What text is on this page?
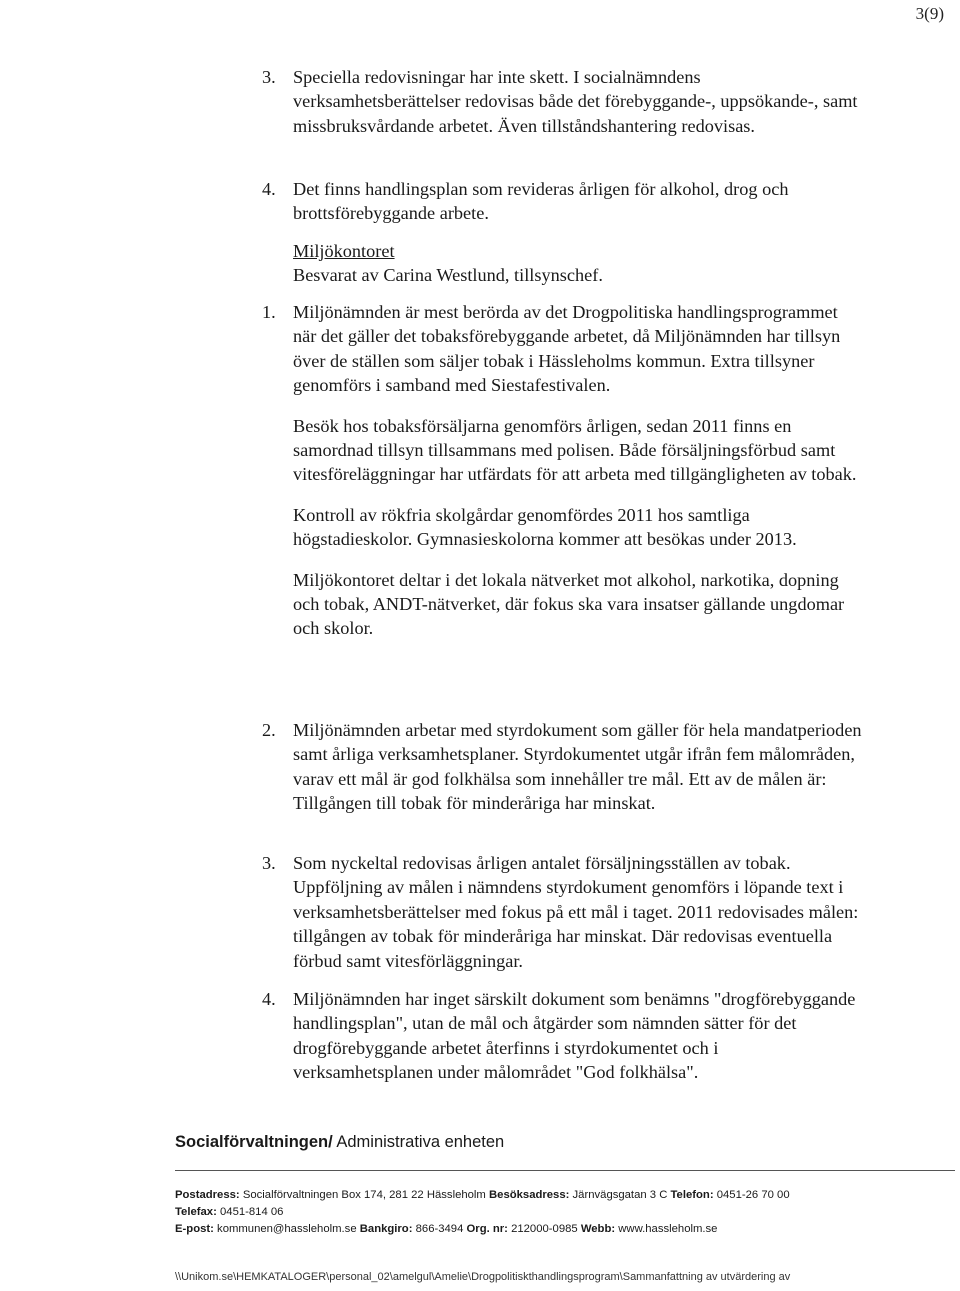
3(9)
3. Speciella redovisningar har inte skett. I socialnämndens verksamhetsberättelser redovisas både det förebyggande-, uppsökande-, samt missbruksvårdande arbetet. Även tillståndshantering redovisas.

4. Det finns handlingsplan som revideras årligen för alkohol, drog och brottsförebyggande arbete.

Miljökontoret
Besvarat av Carina Westlund, tillsynschef.
1. Miljönämnden är mest berörda av det Drogpolitiska handlingsprogrammet när det gäller det tobaksförebyggande arbetet, då Miljönämnden har tillsyn över de ställen som säljer tobak i Hässleholms kommun. Extra tillsyner genomförs i samband med Siestafestivalen.

Besök hos tobaksförsäljarna genomförs årligen, sedan 2011 finns en samordnad tillsyn tillsammans med polisen. Både försäljningsförbud samt vitesföreläggningar har utfärdats för att arbeta med tillgängligheten av tobak.

Kontroll av rökfria skolgårdar genomfördes 2011 hos samtliga högstadieskolor. Gymnasieskolorna kommer att besökas under 2013.

Miljökontoret deltar i det lokala nätverket mot alkohol, narkotika, dopning och tobak, ANDT-nätverket, där fokus ska vara insatser gällande ungdomar och skolor.

2. Miljönämnden arbetar med styrdokument som gäller för hela mandatperioden samt årliga verksamhetsplaner. Styrdokumentet utgår ifrån fem målområden, varav ett mål är god folkhälsa som innehåller tre mål. Ett av de målen är: Tillgången till tobak för minderåriga har minskat.

3. Som nyckeltal redovisas årligen antalet försäljningsställen av tobak. Uppföljning av målen i nämndens styrdokument genomförs i löpande text i verksamhetsberättelser med fokus på ett mål i taget. 2011 redovisades målen: tillgången av tobak för minderåriga har minskat. Där redovisas eventuella förbud samt vitesförläggningar.

4. Miljönämnden har inget särskilt dokument som benämns "drogförebyggande handlingsplan", utan de mål och åtgärder som nämnden sätter för det drogförebyggande arbetet återfinns i styrdokumentet och i verksamhetsplanen under målområdet "God folkhälsa".

Socialförvaltningen/ Administrativa enheten
Postadress: Socialförvaltningen Box 174, 281 22 Hässleholm Besöksadress: Järnvägsgatan 3 C Telefon: 0451-26 70 00
Telefax: 0451-814 06
E-post: kommunen@hassleholm.se Bankgiro: 866-3494 Org. nr: 212000-0985 Webb: www.hassleholm.se
\\Unikom.se\HEMKATALOGER\personal_02\amelgul\Amelie\Drogpolitiskthandlingsprogram\Sammanfattning av utvärdering av
